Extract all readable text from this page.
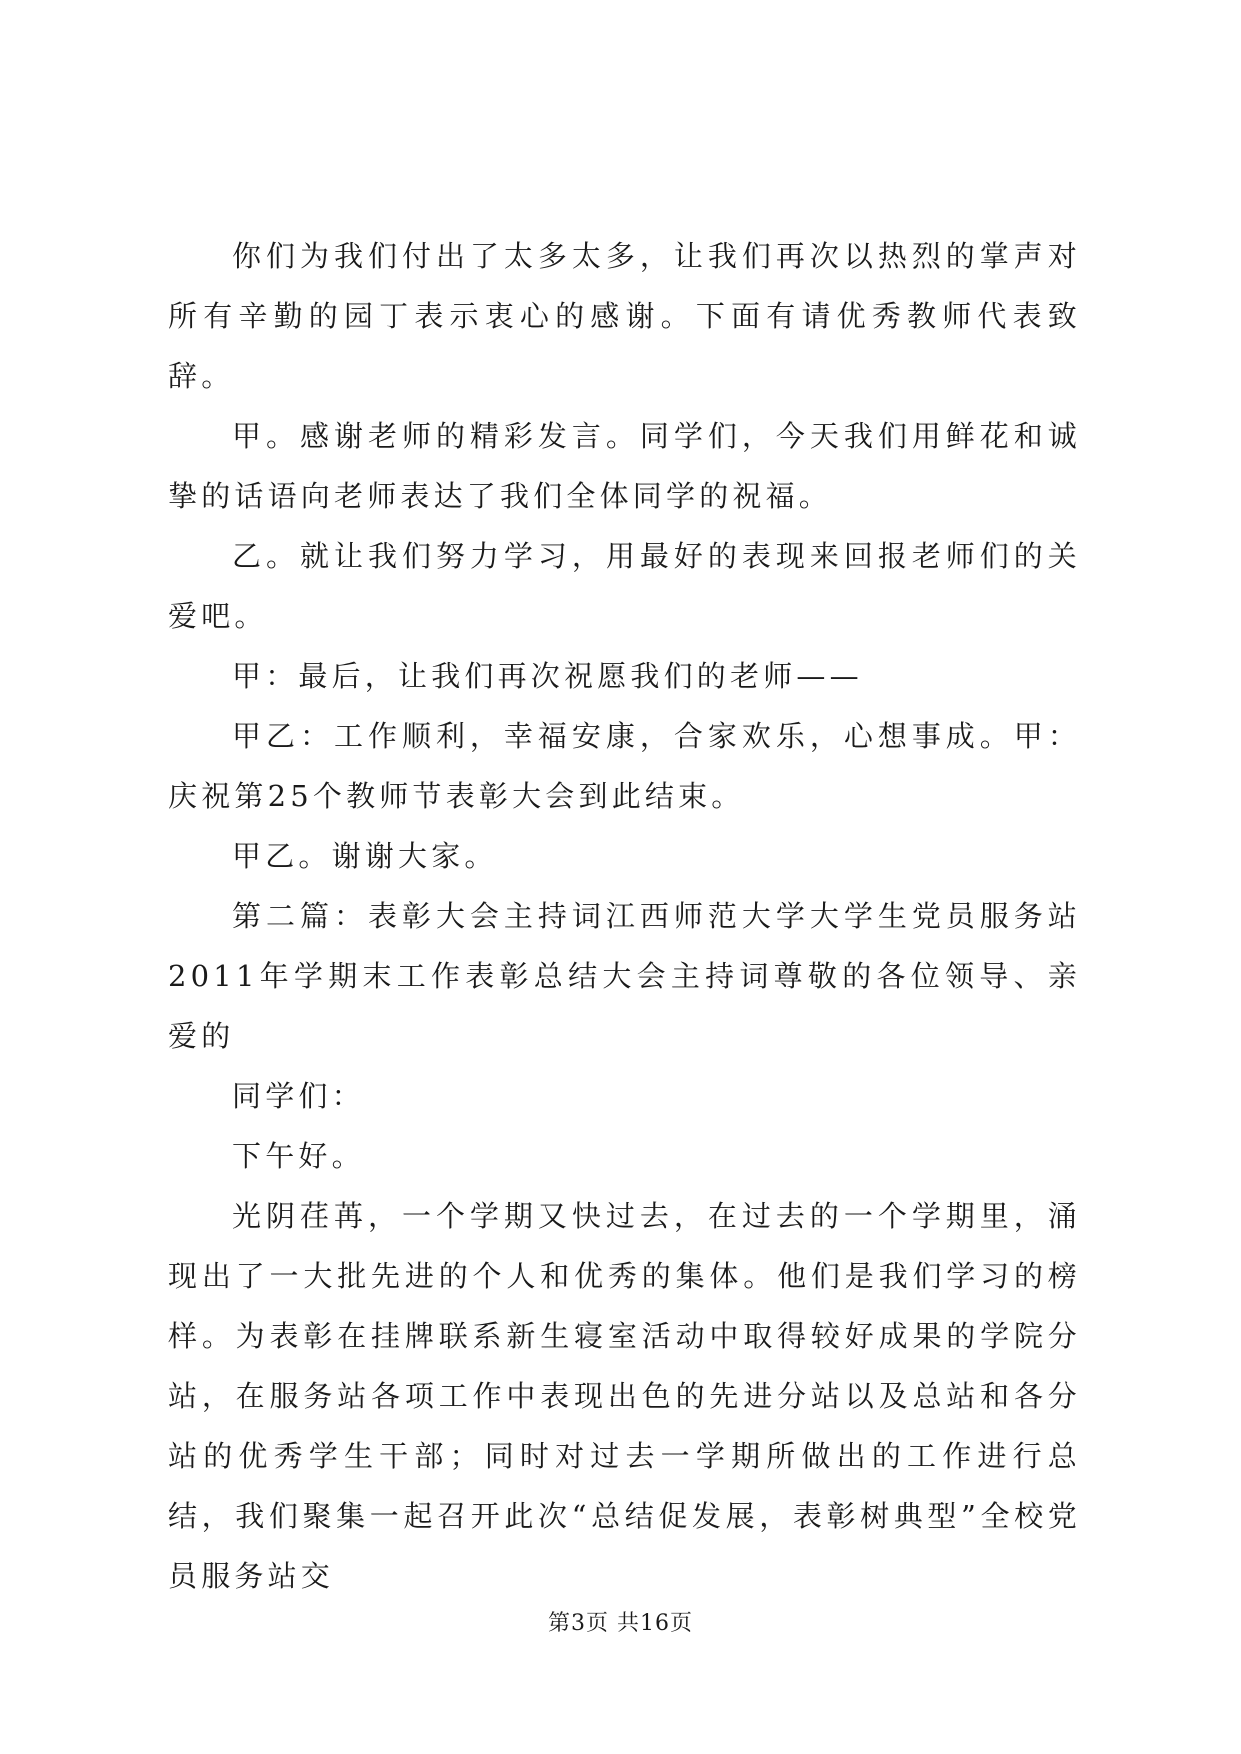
你们为我们付出了太多太多，让我们再次以热烈的掌声对所有辛勤的园丁表示衷心的感谢。下面有请优秀教师代表致辞。

甲。感谢老师的精彩发言。同学们，今天我们用鲜花和诚挚的话语向老师表达了我们全体同学的祝福。

乙。就让我们努力学习，用最好的表现来回报老师们的关爱吧。

甲：最后，让我们再次祝愿我们的老师——

甲乙：工作顺利，幸福安康，合家欢乐，心想事成。甲：庆祝第25个教师节表彰大会到此结束。

甲乙。谢谢大家。

第二篇：表彰大会主持词江西师范大学大学生党员服务站2011年学期末工作表彰总结大会主持词尊敬的各位领导、亲爱的

同学们：

下午好。

光阴荏苒，一个学期又快过去，在过去的一个学期里，涌现出了一大批先进的个人和优秀的集体。他们是我们学习的榜样。为表彰在挂牌联系新生寝室活动中取得较好成果的学院分站，在服务站各项工作中表现出色的先进分站以及总站和各分站的优秀学生干部；同时对过去一学期所做出的工作进行总结，我们聚集一起召开此次“总结促发展，表彰树典型”全校党员服务站交

第3页 共16页
